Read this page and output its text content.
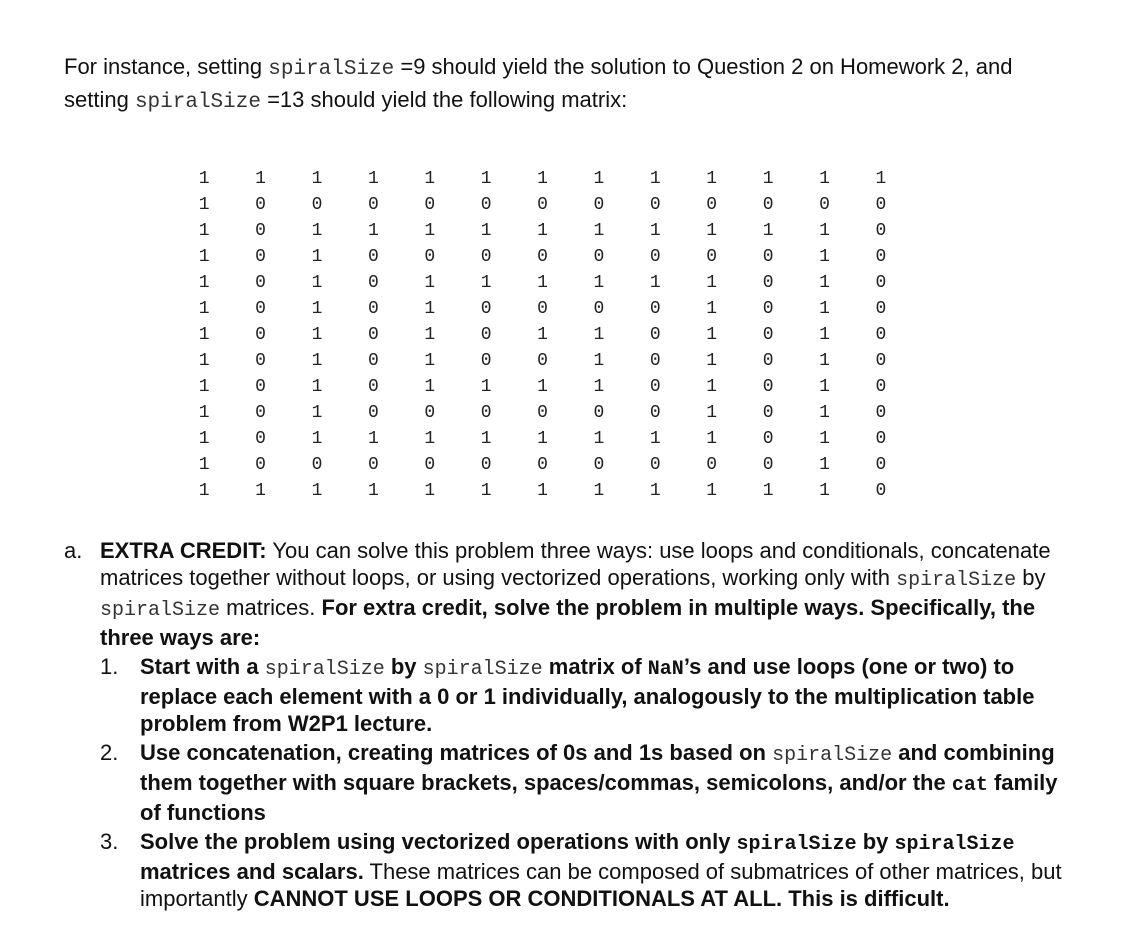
For instance, setting spiralSize =9 should yield the solution to Question 2 on Homework 2, and setting spiralSize =13 should yield the following matrix:
1	1	1	1	1	1	1	1	1	1	1	1	1
1	0	0	0	0	0	0	0	0	0	0	0	0
1	0	1	1	1	1	1	1	1	1	1	1	0
1	0	1	0	0	0	0	0	0	0	0	1	0
1	0	1	0	1	1	1	1	1	1	0	1	0
1	0	1	0	1	0	0	0	0	1	0	1	0
1	0	1	0	1	0	1	1	0	1	0	1	0
1	0	1	0	1	0	0	1	0	1	0	1	0
1	0	1	0	1	1	1	1	0	1	0	1	0
1	0	1	0	0	0	0	0	0	1	0	1	0
1	0	1	1	1	1	1	1	1	1	0	1	0
1	0	0	0	0	0	0	0	0	0	0	1	0
1	1	1	1	1	1	1	1	1	1	1	1	0
a. EXTRA CREDIT: You can solve this problem three ways: use loops and conditionals, concatenate matrices together without loops, or using vectorized operations, working only with spiralSize by spiralSize matrices. For extra credit, solve the problem in multiple ways. Specifically, the three ways are:
1. Start with a spiralSize by spiralSize matrix of NaN’s and use loops (one or two) to replace each element with a 0 or 1 individually, analogously to the multiplication table problem from W2P1 lecture.
2. Use concatenation, creating matrices of 0s and 1s based on spiralSize and combining them together with square brackets, spaces/commas, semicolons, and/or the cat family of functions
3. Solve the problem using vectorized operations with only spiralSize by spiralSize matrices and scalars. These matrices can be composed of submatrices of other matrices, but importantly CANNOT USE LOOPS OR CONDITIONALS AT ALL. This is difficult.
